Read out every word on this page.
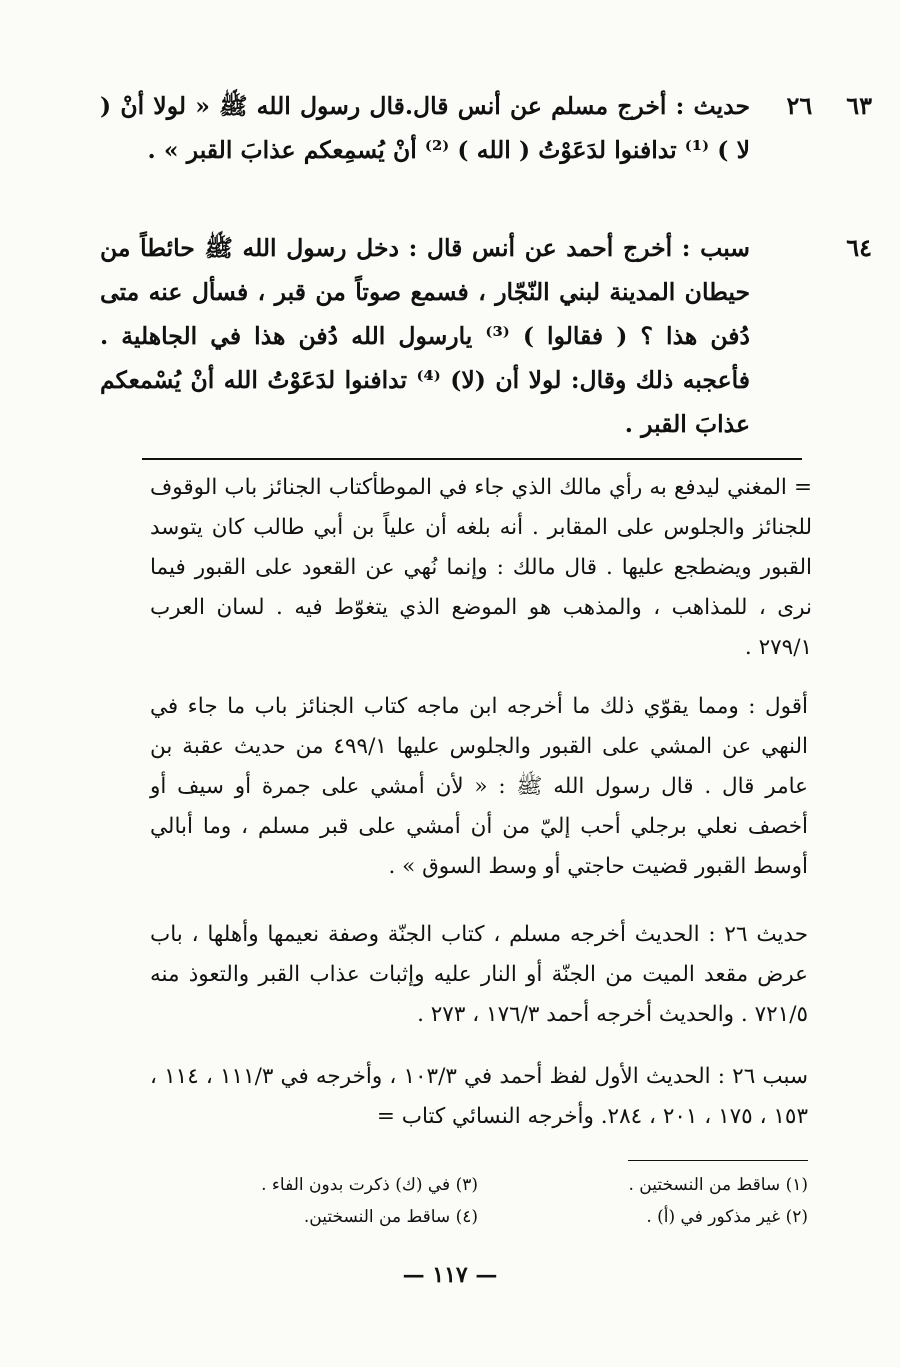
٦٣
٢٦

حديث : أخرج مسلم عن أنس قال.قال رسول الله ﷺ « لولا أنْ ( لا ) ⁽¹⁾ تدافنوا لدَعَوْتُ ( الله ) ⁽²⁾ أنْ يُسمِعكم عذابَ القبر » .

٦٤

سبب : أخرج أحمد عن أنس قال : دخل رسول الله ﷺ حائطاً من حيطان المدينة لبني النّجّار ، فسمع صوتاً من قبر ، فسأل عنه متى دُفن هذا ؟ ( فقالوا ) ⁽³⁾ يارسول الله دُفن هذا في الجاهلية . فأعجبه ذلك وقال: لولا أن (لا) ⁽⁴⁾ تدافنوا لدَعَوْتُ الله أنْ يُسْمعكم عذابَ القبر .

= المغني ليدفع به رأي مالك الذي جاء في الموطأكتاب الجنائز باب الوقوف للجنائز والجلوس على المقابر . أنه بلغه أن علياً بن أبي طالب كان يتوسد القبور ويضطجع عليها . قال مالك : وإنما نُهي عن القعود على القبور فيما نرى ، للمذاهب ، والمذهب هو الموضع الذي يتغوّط فيه . لسان العرب ٢٧٩/١ .

أقول : ومما يقوّي ذلك ما أخرجه ابن ماجه كتاب الجنائز باب ما جاء في النهي عن المشي على القبور والجلوس عليها ٤٩٩/١ من حديث عقبة بن عامر قال . قال رسول الله ﷺ : « لأن أمشي على جمرة أو سيف أو أخصف نعلي برجلي أحب إليّ من أن أمشي على قبر مسلم ، وما أبالي أوسط القبور قضيت حاجتي أو وسط السوق » .

حديث ٢٦ : الحديث أخرجه مسلم ، كتاب الجنّة وصفة نعيمها وأهلها ، باب عرض مقعد الميت من الجنّة أو النار عليه وإثبات عذاب القبر والتعوذ منه ٧٢١/٥ . والحديث أخرجه أحمد ١٧٦/٣ ، ٢٧٣ .

سبب ٢٦ : الحديث الأول لفظ أحمد في ١٠٣/٣ ، وأخرجه في ١١١/٣ ، ١١٤ ، ١٥٣ ، ١٧٥ ، ٢٠١ ، ٢٨٤. وأخرجه النسائي كتاب =

(١) ساقط من النسختين .
(٣) في (ك) ذكرت بدون الفاء .
(٢) غير مذكور في (أ) .
(٤) ساقط من النسختين.
— ١١٧ —
